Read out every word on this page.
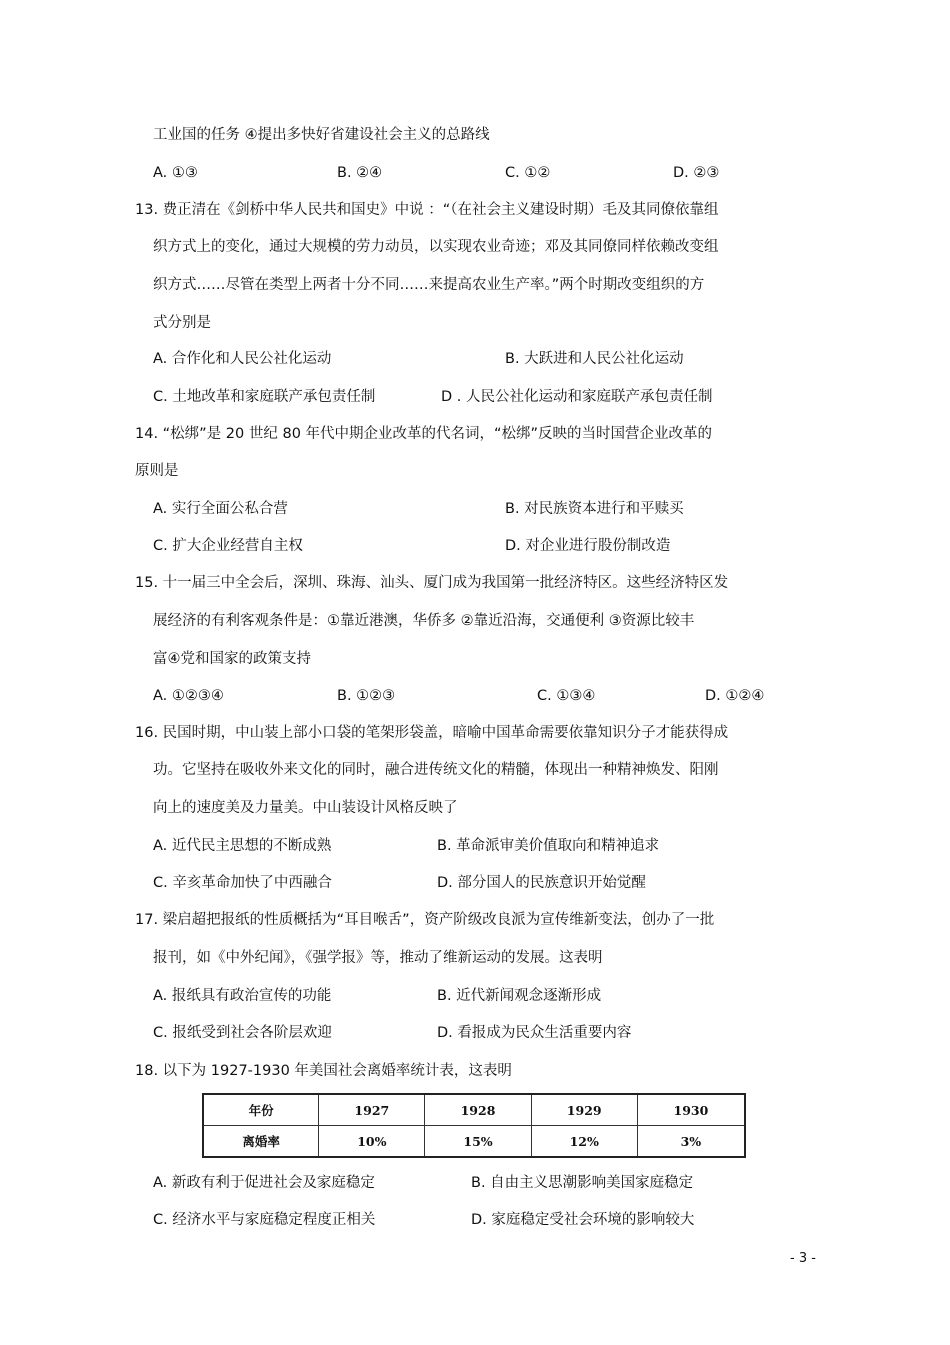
工业国的任务 ④提出多快好省建设社会主义的总路线
A. ①③	B. ②④	C. ①②	D. ②③
13. 费正清在《剑桥中华人民共和国史》中说 ：“（在社会主义建设时期）毛及其同僚依靠组
织方式上的变化，通过大规模的劳力动员，以实现农业奇迹；邓及其同僚同样依赖改变组
织方式……尽管在类型上两者十分不同……来提高农业生产率。”两个时期改变组织的方
式分别是
A. 合作化和人民公社化运动	B. 大跃进和人民公社化运动
C. 土地改革和家庭联产承包责任制	D . 人民公社化运动和家庭联产承包责任制
14. “松绑”是 20 世纪 80 年代中期企业改革的代名词，“松绑”反映的当时国营企业改革的
原则是
A. 实行全面公私合营	B. 对民族资本进行和平赎买
C. 扩大企业经营自主权	D. 对企业进行股份制改造
15. 十一届三中全会后，深圳、珠海、汕头、厦门成为我国第一批经济特区。这些经济特区发
展经济的有利客观条件是：①靠近港澳，华侨多 ②靠近沿海，交通便利 ③资源比较丰
富④党和国家的政策支持
A. ①②③④	B. ①②③	C. ①③④	D. ①②④
16. 民国时期，中山装上部小口袋的笔架形袋盖，暗喻中国革命需要依靠知识分子才能获得成
功。它坚持在吸收外来文化的同时，融合进传统文化的精髓，体现出一种精神焕发、阳刚
向上的速度美及力量美。中山装设计风格反映了
A. 近代民主思想的不断成熟	B. 革命派审美价值取向和精神追求
C. 辛亥革命加快了中西融合	D. 部分国人的民族意识开始觉醒
17. 梁启超把报纸的性质概括为“耳目喉舌”，资产阶级改良派为宣传维新变法，创办了一批
报刊，如《中外纪闻》，《强学报》等，推动了维新运动的发展。这表明
A. 报纸具有政治宣传的功能	B. 近代新闻观念逐渐形成
C. 报纸受到社会各阶层欢迎	D. 看报成为民众生活重要内容
18. 以下为 1927-1930 年美国社会离婚率统计表，这表明
年份	1927	1928	1929	1930
离婚率	10%	15%	12%	3%
A. 新政有利于促进社会及家庭稳定	B. 自由主义思潮影响美国家庭稳定
C. 经济水平与家庭稳定程度正相关	D. 家庭稳定受社会环境的影响较大
- 3 -
